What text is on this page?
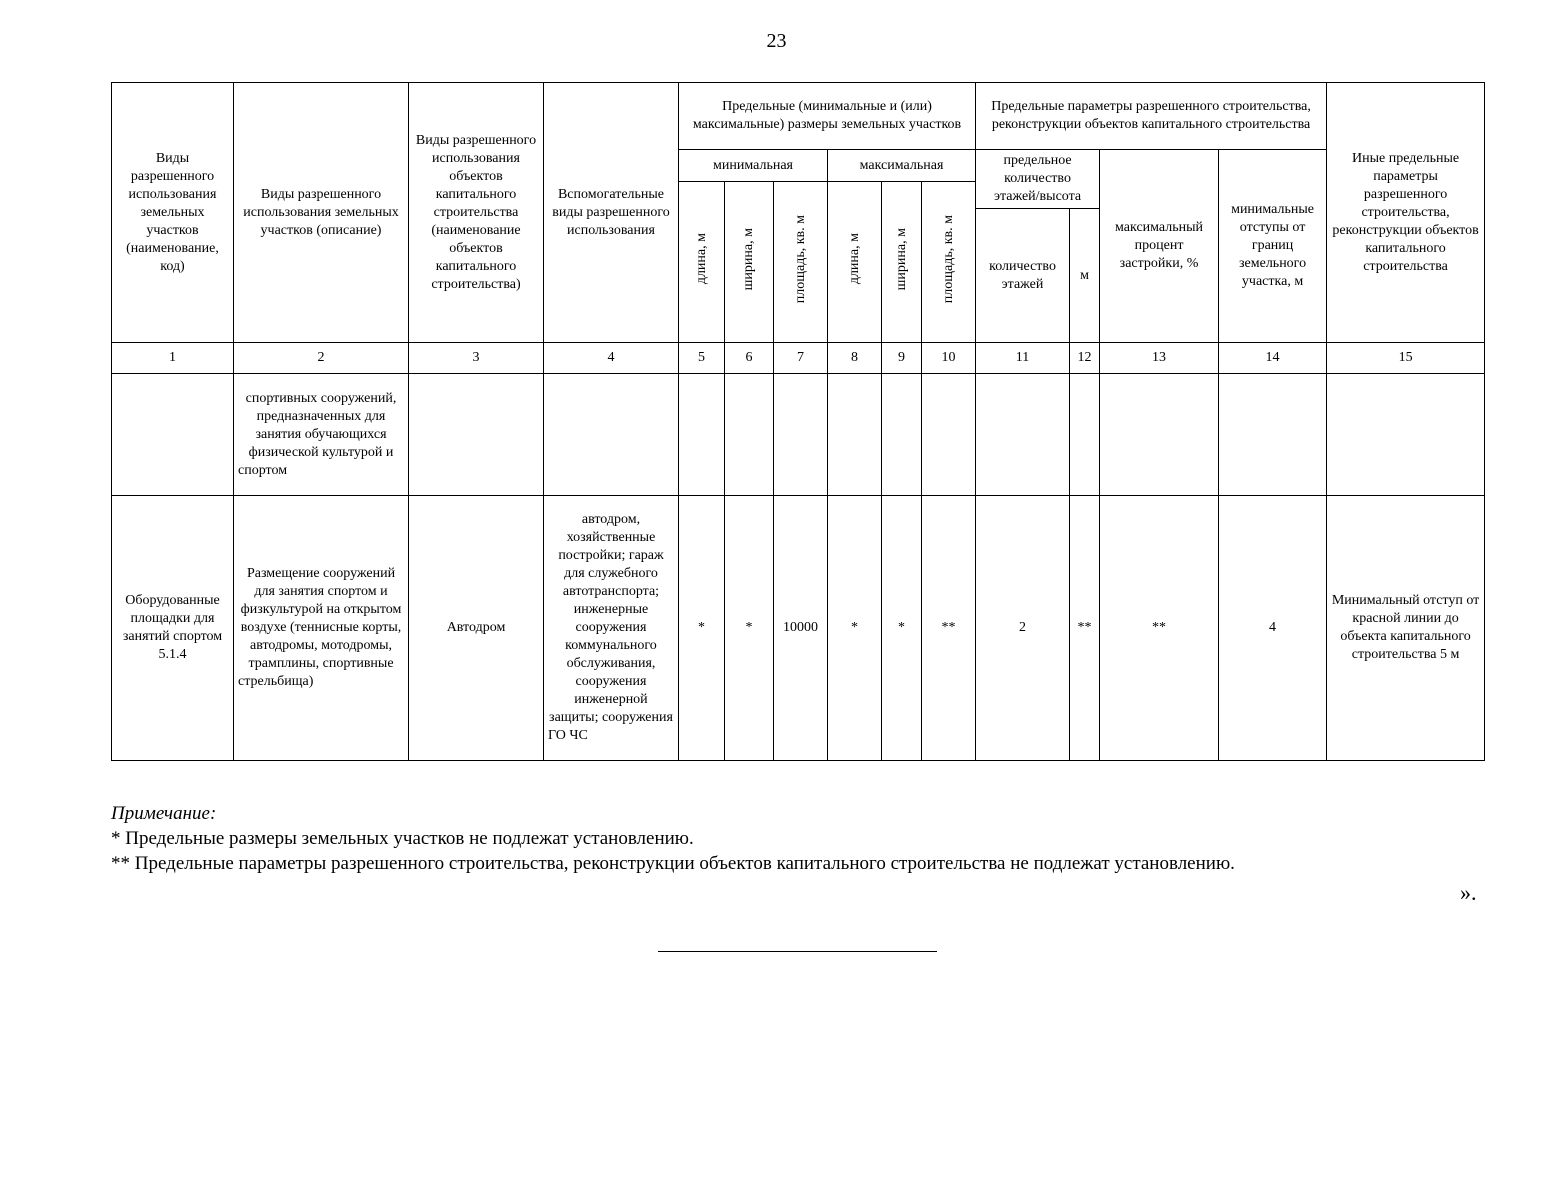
23
Виды разрешенного использования земельных участков (наименование, код)	Виды разрешенного использования земельных участков (описание)	Виды разрешенного использования объектов капитального строительства (наименование объектов капитального строительства)	Вспомогательные виды разрешенного использования	Предельные (минимальные и (или) максимальные) размеры земельных участков						Предельные параметры разрешенного строительства, реконструкции объектов капитального строительства				Иные предельные параметры разрешенного строительства, реконструкции объектов капитального строительства
				минимальная			максимальная			предельное количество этажей/высота		максимальный процент застройки, %	минимальные отступы от границ земельного участка, м	
				длина, м	ширина, м	площадь, кв. м	длина, м	ширина, м	площадь, кв. м					
										количество этажей	м			
1	2	3	4	5	6	7	8	9	10	11	12	13	14	15
	спортивных сооружений, предназначенных для занятия обучающихся физической культурой и спортом													
Оборудованные площадки для занятий спортом 5.1.4	Размещение сооружений для занятия спортом и физкультурой на открытом воздухе (теннисные корты, автодромы, мотодромы, трамплины, спортивные стрельбища)	Автодром	автодром, хозяйственные постройки; гараж для служебного автотранспорта; инженерные сооружения коммунального обслуживания, сооружения инженерной защиты; сооружения ГО ЧС	*	*	10000	*	*	**	2	**	**	4	Минимальный отступ от красной линии до объекта капитального строительства 5 м
Примечание:
* Предельные размеры земельных участков не подлежат установлению.
** Предельные параметры разрешенного строительства, реконструкции объектов капитального строительства не подлежат установлению.
».
